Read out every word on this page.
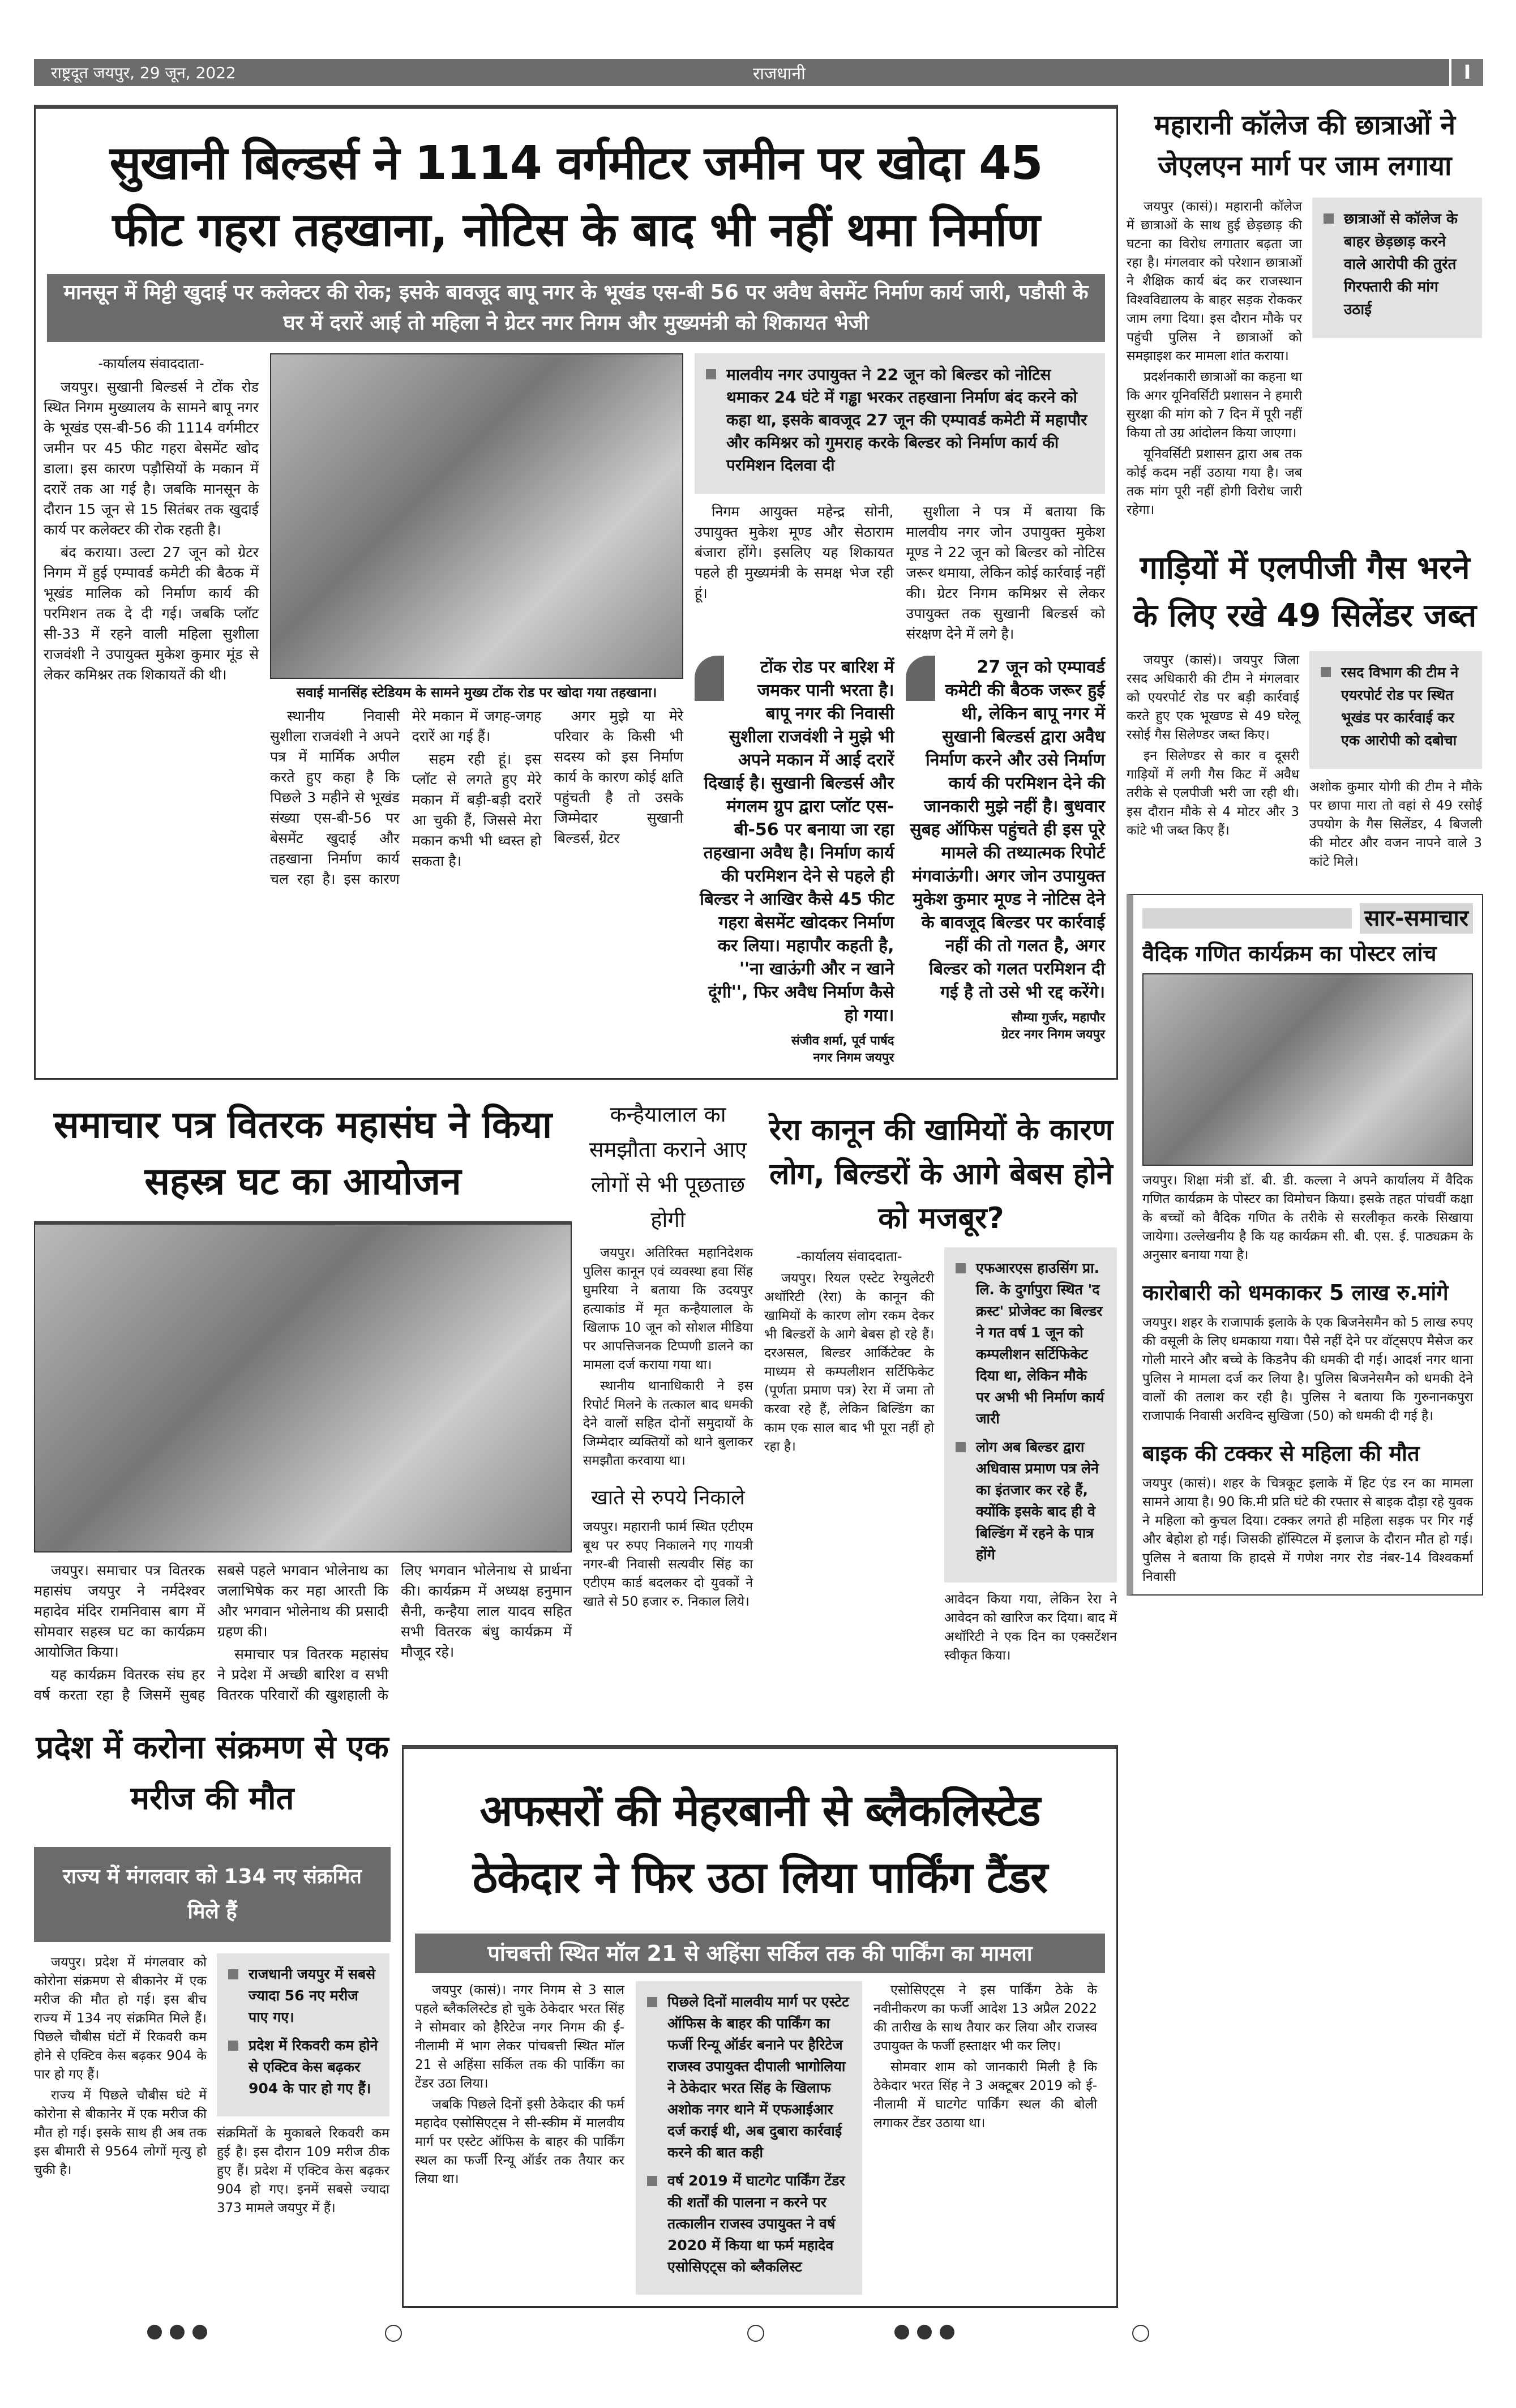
राष्ट्रदूत जयपुर, 29 जून, 2022	राजधानी	I
सुखानी बिल्डर्स ने 1114 वर्गमीटर जमीन पर खोदा 45
फीट गहरा तहखाना, नोटिस के बाद भी नहीं थमा निर्माण
मानसून में मिट्टी खुदाई पर कलेक्टर की रोक; इसके बावजूद बापू नगर के भूखंड एस-बी 56 पर अवैध बेसमेंट निर्माण कार्य जारी, पडौसी के घर में दरारें आई तो महिला ने ग्रेटर नगर निगम और मुख्यमंत्री को शिकायत भेजी
-कार्यालय संवाददाता-

जयपुर। सुखानी बिल्डर्स ने टोंक रोड स्थित निगम मुख्यालय के सामने बापू नगर के भूखंड एस-बी-56 की 1114 वर्गमीटर जमीन पर 45 फीट गहरा बेसमेंट खोद डाला। इस कारण पड़ौसियों के मकान में दरारें तक आ गई है। जबकि मानसून के दौरान 15 जून से 15 सितंबर तक खुदाई कार्य पर कलेक्टर की रोक रहती है।

बंद कराया। उल्टा 27 जून को ग्रेटर निगम में हुई एम्पावर्ड कमेटी की बैठक में भूखंड मालिक को निर्माण कार्य की परमिशन तक दे दी गई। जबकि प्लॉट सी-33 में रहने वाली महिला सुशीला राजवंशी ने उपायुक्त मुकेश कुमार मूंड से लेकर कमिश्नर तक शिकायतें की थी।

सवाई मानसिंह स्टेडियम के सामने मुख्य टोंक रोड पर खोदा गया तहखाना।

स्थानीय निवासी सुशीला राजवंशी ने अपने पत्र में मार्मिक अपील करते हुए कहा है कि पिछले 3 महीने से भूखंड संख्या एस-बी-56 पर बेसमेंट खुदाई और तहखाना निर्माण कार्य चल रहा है। इस कारण मेरे मकान में जगह-जगह दरारें आ गई हैं।

सहम रही हूं। इस प्लॉट से लगते हुए मेरे मकान में बड़ी-बड़ी दरारें आ चुकी हैं, जिससे मेरा मकान कभी भी ध्वस्त हो सकता है।

अगर मुझे या मेरे परिवार के किसी भी सदस्य को इस निर्माण कार्य के कारण कोई क्षति पहुंचती है तो उसके जिम्मेदार सुखानी बिल्डर्स, ग्रेटर

मालवीय नगर उपायुक्त ने 22 जून को बिल्डर को नोटिस थमाकर 24 घंटे में गड्ढा भरकर तहखाना निर्माण बंद करने को कहा था, इसके बावजूद 27 जून की एम्पावर्ड कमेटी में महापौर और कमिश्नर को गुमराह करके बिल्डर को निर्माण कार्य की परमिशन दिलवा दी

निगम आयुक्त महेन्द्र सोनी, उपायुक्त मुकेश मूण्ड और सेठाराम बंजारा होंगे। इसलिए यह शिकायत पहले ही मुख्यमंत्री के समक्ष भेज रही हूं।

सुशीला ने पत्र में बताया कि मालवीय नगर जोन उपायुक्त मुकेश मूण्ड ने 22 जून को बिल्डर को नोटिस जरूर थमाया, लेकिन कोई कार्रवाई नहीं की। ग्रेटर निगम कमिश्नर से लेकर उपायुक्त तक सुखानी बिल्डर्स को संरक्षण देने में लगे है।

टोंक रोड पर बारिश में जमकर पानी भरता है। बापू नगर की निवासी सुशीला राजवंशी ने मुझे भी अपने मकान में आई दरारें दिखाई है। सुखानी बिल्डर्स और मंगलम ग्रुप द्वारा प्लॉट एस-बी-56 पर बनाया जा रहा तहखाना अवैध है। निर्माण कार्य की परमिशन देने से पहले ही बिल्डर ने आखिर कैसे 45 फीट गहरा बेसमेंट खोदकर निर्माण कर लिया। महापौर कहती है, ''ना खाऊंगी और न खाने दूंगी'', फिर अवैध निर्माण कैसे हो गया।
संजीव शर्मा, पूर्व पार्षद
नगर निगम जयपुर
27 जून को एम्पावर्ड कमेटी की बैठक जरूर हुई थी, लेकिन बापू नगर में सुखानी बिल्डर्स द्वारा अवैध निर्माण करने और उसे निर्माण कार्य की परमिशन देने की जानकारी मुझे नहीं है। बुधवार सुबह ऑफिस पहुंचते ही इस पूरे मामले की तथ्यात्मक रिपोर्ट मंगवाऊंगी। अगर जोन उपायुक्त मुकेश कुमार मूण्ड ने नोटिस देने के बावजूद बिल्डर पर कार्रवाई नहीं की तो गलत है, अगर बिल्डर को गलत परमिशन दी गई है तो उसे भी रद्द करेंगे।
सौम्या गुर्जर, महापौर
ग्रेटर नगर निगम जयपुर
समाचार पत्र वितरक महासंघ ने किया सहस्त्र घट का आयोजन

जयपुर। समाचार पत्र वितरक महासंघ जयपुर ने नर्मदेश्वर महादेव मंदिर रामनिवास बाग में सोमवार सहस्त्र घट का कार्यक्रम आयोजित किया।

यह कार्यक्रम वितरक संघ हर वर्ष करता रहा है जिसमें सुबह सबसे पहले भगवान भोलेनाथ का जलाभिषेक कर महा आरती कि और भगवान भोलेनाथ की प्रसादी ग्रहण की।

समाचार पत्र वितरक महासंघ ने प्रदेश में अच्छी बारिश व सभी वितरक परिवारों की खुशहाली के लिए भगवान भोलेनाथ से प्रार्थना की। कार्यक्रम में अध्यक्ष हनुमान सैनी, कन्हैया लाल यादव सहित सभी वितरक बंधु कार्यक्रम में मौजूद रहे।

कन्हैयालाल का समझौता कराने आए लोगों से भी पूछताछ होगी

जयपुर। अतिरिक्त महानिदेशक पुलिस कानून एवं व्यवस्था हवा सिंह घुमरिया ने बताया कि उदयपुर हत्याकांड में मृत कन्हैयालाल के खिलाफ 10 जून को सोशल मीडिया पर आपत्तिजनक टिप्पणी डालने का मामला दर्ज कराया गया था।

स्थानीय थानाधिकारी ने इस रिपोर्ट मिलने के तत्काल बाद धमकी देने वालों सहित दोनों समुदायों के जिम्मेदार व्यक्तियों को थाने बुलाकर समझौता करवाया था।

खाते से रुपये निकाले

जयपुर। महारानी फार्म स्थित एटीएम बूथ पर रुपए निकालने गए गायत्री नगर-बी निवासी सत्यवीर सिंह का एटीएम कार्ड बदलकर दो युवकों ने खाते से 50 हजार रु. निकाल लिये।

रेरा कानून की खामियों के कारण लोग, बिल्डरों के आगे बेबस होने को मजबूर?
-कार्यालय संवाददाता-

जयपुर। रियल एस्टेट रेग्युलेटरी अथॉरिटी (रेरा) के कानून की खामियों के कारण लोग रकम देकर भी बिल्डरों के आगे बेबस हो रहे हैं। दरअसल, बिल्डर आर्किटेक्ट के माध्यम से कम्पलीशन सर्टिफिकेट (पूर्णता प्रमाण पत्र) रेरा में जमा तो करवा रहे हैं, लेकिन बिल्डिंग का काम एक साल बाद भी पूरा नहीं हो रहा है।

एफआरएस हाउसिंग प्रा. लि. के दुर्गापुरा स्थित 'द क्रस्ट' प्रोजेक्ट का बिल्डर ने गत वर्ष 1 जून को कम्पलीशन सर्टिफिकेट दिया था, लेकिन मौके पर अभी भी निर्माण कार्य जारी
लोग अब बिल्डर द्वारा अधिवास प्रमाण पत्र लेने का इंतजार कर रहे हैं, क्योंकि इसके बाद ही वे बिल्डिंग में रहने के पात्र होंगे

आवेदन किया गया, लेकिन रेरा ने आवेदन को खारिज कर दिया। बाद में अथॉरिटी ने एक दिन का एक्सटेंशन स्वीकृत किया।

प्रदेश में करोना संक्रमण से एक मरीज की मौत
राज्य में मंगलवार को 134 नए संक्रमित मिले हैं

जयपुर। प्रदेश में मंगलवार को कोरोना संक्रमण से बीकानेर में एक मरीज की मौत हो गई। इस बीच राज्य में 134 नए संक्रमित मिले हैं। पिछले चौबीस घंटों में रिकवरी कम होने से एक्टिव केस बढ़कर 904 के पार हो गए हैं।

राज्य में पिछले चौबीस घंटे में कोरोना से बीकानेर में एक मरीज की मौत हो गई। इसके साथ ही अब तक इस बीमारी से 9564 लोगों मृत्यु हो चुकी है।

राजधानी जयपुर में सबसे ज्यादा 56 नए मरीज पाए गए।
प्रदेश में रिकवरी कम होने से एक्टिव केस बढ़कर 904 के पार हो गए हैं।

संक्रमितों के मुकाबले रिकवरी कम हुई है। इस दौरान 109 मरीज ठीक हुए हैं। प्रदेश में एक्टिव केस बढ़कर 904 हो गए। इनमें सबसे ज्यादा 373 मामले जयपुर में हैं।

अफसरों की मेहरबानी से ब्लैकलिस्टेड
ठेकेदार ने फिर उठा लिया पार्किंग टैंडर
पांचबत्ती स्थित मॉल 21 से अहिंसा सर्किल तक की पार्किंग का मामला

जयपुर (कासं)। नगर निगम से 3 साल पहले ब्लैकलिस्टेड हो चुके ठेकेदार भरत सिंह ने सोमवार को हैरिटेज नगर निगम की ई-नीलामी में भाग लेकर पांचबत्ती स्थित मॉल 21 से अहिंसा सर्किल तक की पार्किंग का टेंडर उठा लिया।

जबकि पिछले दिनों इसी ठेकेदार की फर्म महादेव एसोसिएट्स ने सी-स्कीम में मालवीय मार्ग पर एस्टेट ऑफिस के बाहर की पार्किंग स्थल का फर्जी रिन्यू ऑर्डर तक तैयार कर लिया था।

पिछले दिनों मालवीय मार्ग पर एस्टेट ऑफिस के बाहर की पार्किंग का फर्जी रिन्यू ऑर्डर बनाने पर हैरिटेज राजस्व उपायुक्त दीपाली भागोलिया ने ठेकेदार भरत सिंह के खिलाफ अशोक नगर थाने में एफआईआर दर्ज कराई थी, अब दुबारा कार्रवाई करने की बात कही
वर्ष 2019 में घाटगेट पार्किंग टेंडर की शर्तों की पालना न करने पर तत्कालीन राजस्व उपायुक्त ने वर्ष 2020 में किया था फर्म महादेव एसोसिएट्स को ब्लैकलिस्ट

एसोसिएट्स ने इस पार्किंग ठेके के नवीनीकरण का फर्जी आदेश 13 अप्रैल 2022 की तारीख के साथ तैयार कर लिया और राजस्व उपायुक्त के फर्जी हस्ताक्षर भी कर लिए।

सोमवार शाम को जानकारी मिली है कि ठेकेदार भरत सिंह ने 3 अक्टूबर 2019 को ई-नीलामी में घाटगेट पार्किंग स्थल की बोली लगाकर टेंडर उठाया था।

महारानी कॉलेज की छात्राओं ने जेएलएन मार्ग पर जाम लगाया

जयपुर (कासं)। महारानी कॉलेज में छात्राओं के साथ हुई छेड़छाड़ की घटना का विरोध लगातार बढ़ता जा रहा है। मंगलवार को परेशान छात्राओं ने शैक्षिक कार्य बंद कर राजस्थान विश्वविद्यालय के बाहर सड़क रोककर जाम लगा दिया। इस दौरान मौके पर पहुंची पुलिस ने छात्राओं को समझाइश कर मामला शांत कराया।

प्रदर्शनकारी छात्राओं का कहना था कि अगर यूनिवर्सिटी प्रशासन ने हमारी सुरक्षा की मांग को 7 दिन में पूरी नहीं किया तो उग्र आंदोलन किया जाएगा।

यूनिवर्सिटी प्रशासन द्वारा अब तक कोई कदम नहीं उठाया गया है। जब तक मांग पूरी नहीं होगी विरोध जारी रहेगा।

छात्राओं से कॉलेज के बाहर छेड़छाड़ करने वाले आरोपी की तुरंत गिरफ्तारी की मांग उठाई
गाड़ियों में एलपीजी गैस भरने के लिए रखे 49 सिलेंडर जब्त

जयपुर (कासं)। जयपुर जिला रसद अधिकारी की टीम ने मंगलवार को एयरपोर्ट रोड पर बड़ी कार्रवाई करते हुए एक भूखण्ड से 49 घरेलू रसोई गैस सिलेण्डर जब्त किए।

इन सिलेण्डर से कार व दूसरी गाड़ियों में लगी गैस किट में अवैध तरीके से एलपीजी भरी जा रही थी। इस दौरान मौके से 4 मोटर और 3 कांटे भी जब्त किए हैं।

रसद विभाग की टीम ने एयरपोर्ट रोड पर स्थित भूखंड पर कार्रवाई कर एक आरोपी को दबोचा

अशोक कुमार योगी की टीम ने मौके पर छापा मारा तो वहां से 49 रसोई उपयोग के गैस सिलेंडर, 4 बिजली की मोटर और वजन नापने वाले 3 कांटे मिले।

सार-समाचार
वैदिक गणित कार्यक्रम का पोस्टर लांच

जयपुर। शिक्षा मंत्री डॉ. बी. डी. कल्ला ने अपने कार्यालय में वैदिक गणित कार्यक्रम के पोस्टर का विमोचन किया। इसके तहत पांचवीं कक्षा के बच्चों को वैदिक गणित के तरीके से सरलीकृत करके सिखाया जायेगा। उल्लेखनीय है कि यह कार्यक्रम सी. बी. एस. ई. पाठ्यक्रम के अनुसार बनाया गया है।

कारोबारी को धमकाकर 5 लाख रु.मांगे

जयपुर। शहर के राजापार्क इलाके के एक बिजनेसमैन को 5 लाख रुपए की वसूली के लिए धमकाया गया। पैसे नहीं देने पर वॉट्सएप मैसेज कर गोली मारने और बच्चे के किडनैप की धमकी दी गई। आदर्श नगर थाना पुलिस ने मामला दर्ज कर लिया है। पुलिस बिजनेसमैन को धमकी देने वालों की तलाश कर रही है। पुलिस ने बताया कि गुरुनानकपुरा राजापार्क निवासी अरविन्द सुखिजा (50) को धमकी दी गई है।

बाइक की टक्कर से महिला की मौत

जयपुर (कासं)। शहर के चित्रकूट इलाके में हिट एंड रन का मामला सामने आया है। 90 कि.मी प्रति घंटे की रफ्तार से बाइक दौड़ा रहे युवक ने महिला को कुचल दिया। टक्कर लगते ही महिला सड़क पर गिर गई और बेहोश हो गई। जिसकी हॉस्पिटल में इलाज के दौरान मौत हो गई। पुलिस ने बताया कि हादसे में गणेश नगर रोड नंबर-14 विश्वकर्मा निवासी
